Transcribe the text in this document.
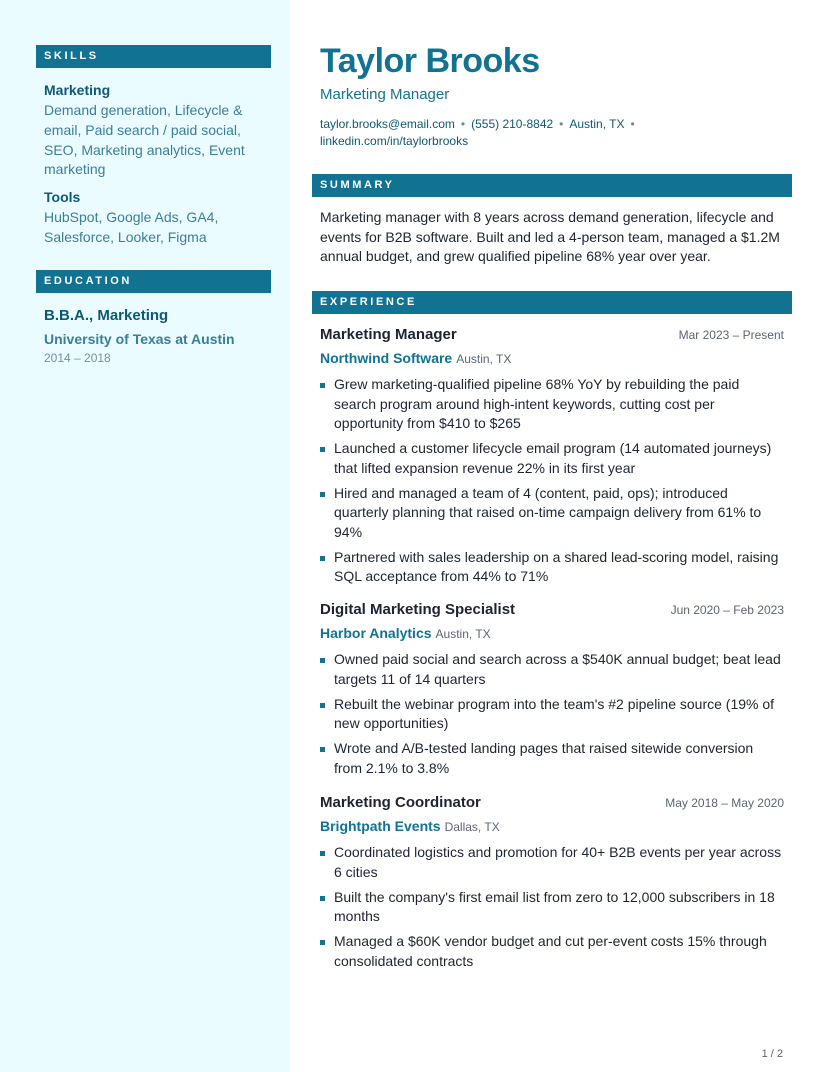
SKILLS
Marketing
Demand generation, Lifecycle & email, Paid search / paid social, SEO, Marketing analytics, Event marketing
Tools
HubSpot, Google Ads, GA4, Salesforce, Looker, Figma
EDUCATION
B.B.A., Marketing
University of Texas at Austin
2014 – 2018
Taylor Brooks
Marketing Manager
taylor.brooks@email.com • (555) 210-8842 • Austin, TX •
linkedin.com/in/taylorbrooks
SUMMARY
Marketing manager with 8 years across demand generation, lifecycle and events for B2B software. Built and led a 4-person team, managed a $1.2M annual budget, and grew qualified pipeline 68% year over year.
EXPERIENCE
Marketing Manager	Mar 2023 – Present
Northwind Software Austin, TX
Grew marketing-qualified pipeline 68% YoY by rebuilding the paid search program around high-intent keywords, cutting cost per opportunity from $410 to $265
Launched a customer lifecycle email program (14 automated journeys) that lifted expansion revenue 22% in its first year
Hired and managed a team of 4 (content, paid, ops); introduced quarterly planning that raised on-time campaign delivery from 61% to 94%
Partnered with sales leadership on a shared lead-scoring model, raising SQL acceptance from 44% to 71%
Digital Marketing Specialist	Jun 2020 – Feb 2023
Harbor Analytics Austin, TX
Owned paid social and search across a $540K annual budget; beat lead targets 11 of 14 quarters
Rebuilt the webinar program into the team's #2 pipeline source (19% of new opportunities)
Wrote and A/B-tested landing pages that raised sitewide conversion from 2.1% to 3.8%
Marketing Coordinator	May 2018 – May 2020
Brightpath Events Dallas, TX
Coordinated logistics and promotion for 40+ B2B events per year across 6 cities
Built the company's first email list from zero to 12,000 subscribers in 18 months
Managed a $60K vendor budget and cut per-event costs 15% through consolidated contracts
1 / 2
